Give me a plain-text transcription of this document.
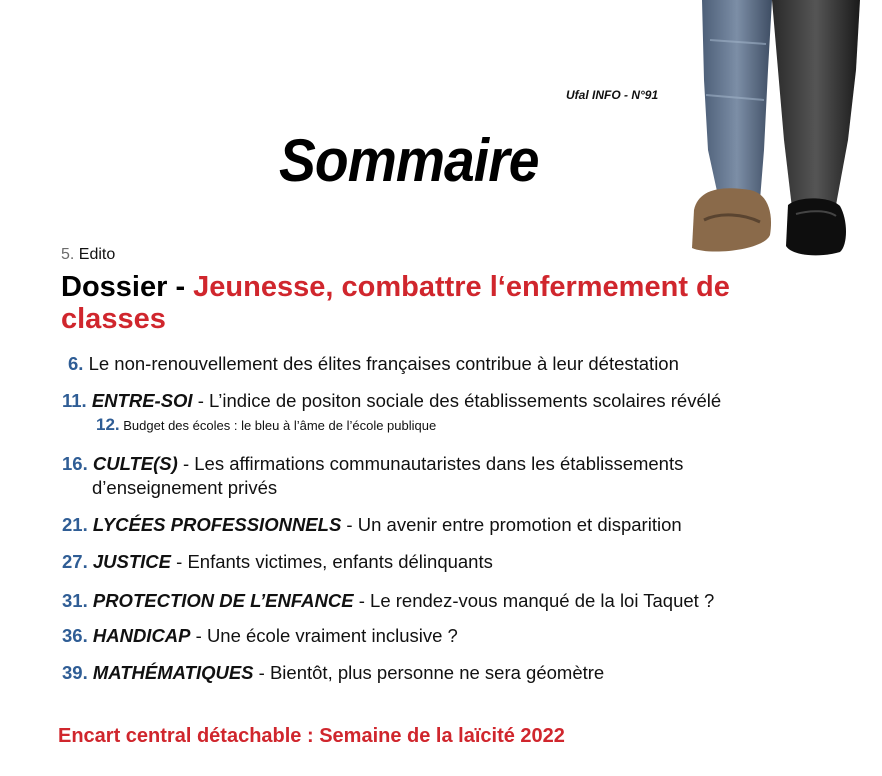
Ufal INFO - N°91
Sommaire
5. Edito
Dossier - Jeunesse, combattre l‘enfermement de classes
6. Le non-renouvellement des élites françaises contribue à leur détestation
11. ENTRE-SOI - L’indice de positon sociale des établissements scolaires révélé
12. Budget des écoles : le bleu à l’âme de l’école publique
16. CULTE(S) - Les affirmations communautaristes dans les établissements
d’enseignement privés
21. LYCÉES PROFESSIONNELS - Un avenir entre promotion et disparition
27. JUSTICE - Enfants victimes, enfants délinquants
31. PROTECTION DE L’ENFANCE - Le rendez-vous manqué de la loi Taquet ?
36. HANDICAP - Une école vraiment inclusive ?
39. MATHÉMATIQUES - Bientôt, plus personne ne sera géomètre
Encart central détachable : Semaine de la laïcité 2022
